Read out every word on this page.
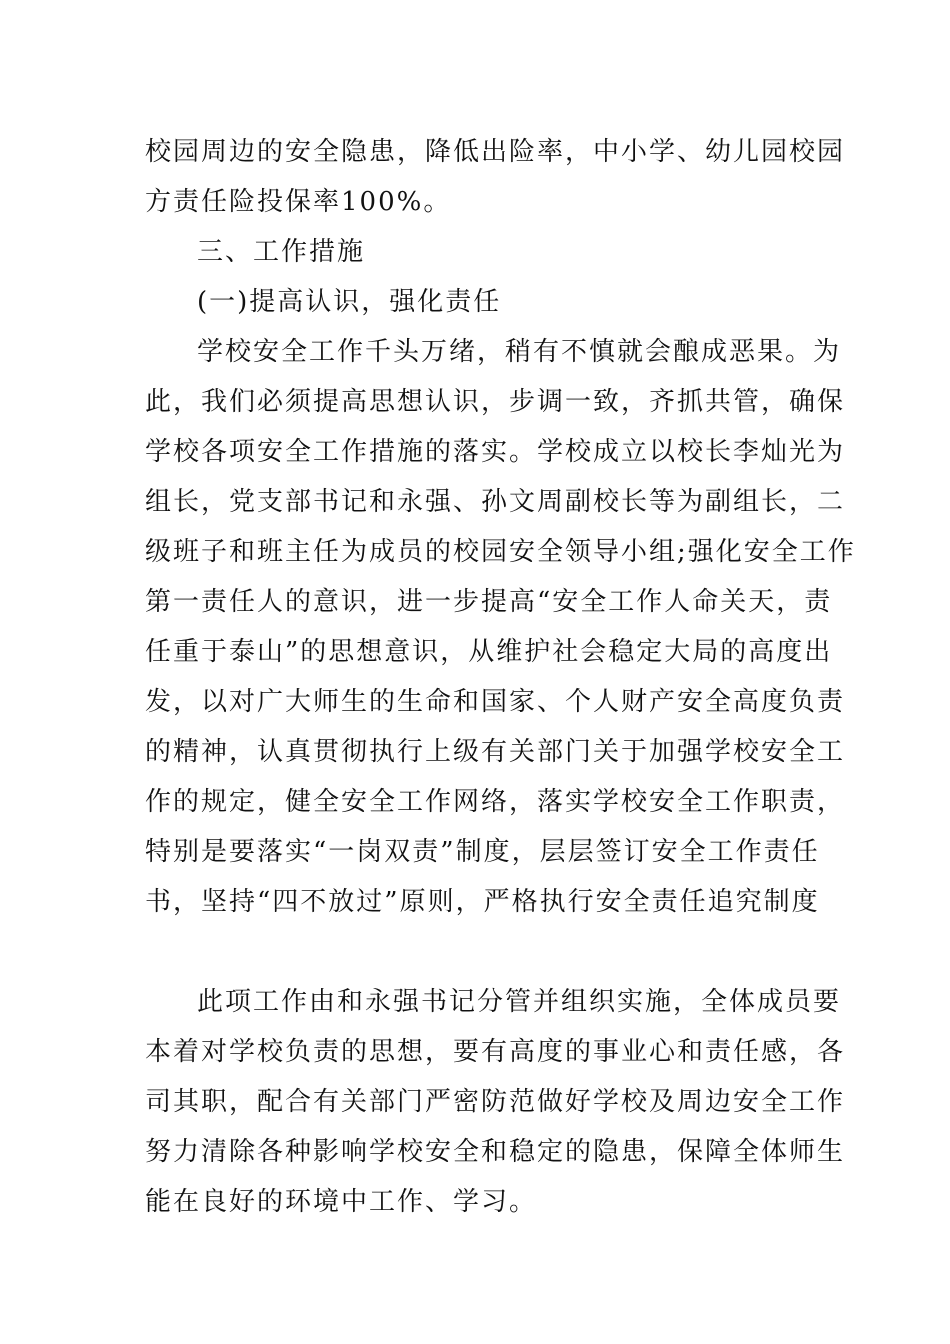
校园周边的安全隐患，降低出险率，中小学、幼儿园校园
方责任险投保率100%。
三、工作措施
(一)提高认识，强化责任
学校安全工作千头万绪，稍有不慎就会酿成恶果。为
此，我们必须提高思想认识，步调一致，齐抓共管，确保
学校各项安全工作措施的落实。学校成立以校长李灿光为
组长，党支部书记和永强、孙文周副校长等为副组长，二
级班子和班主任为成员的校园安全领导小组;强化安全工作
第一责任人的意识，进一步提高“安全工作人命关天，责
任重于泰山”的思想意识，从维护社会稳定大局的高度出
发，以对广大师生的生命和国家、个人财产安全高度负责
的精神，认真贯彻执行上级有关部门关于加强学校安全工
作的规定，健全安全工作网络，落实学校安全工作职责，
特别是要落实“一岗双责”制度，层层签订安全工作责任
书，坚持“四不放过”原则，严格执行安全责任追究制度
此项工作由和永强书记分管并组织实施，全体成员要
本着对学校负责的思想，要有高度的事业心和责任感，各
司其职，配合有关部门严密防范做好学校及周边安全工作
努力清除各种影响学校安全和稳定的隐患，保障全体师生
能在良好的环境中工作、学习。
